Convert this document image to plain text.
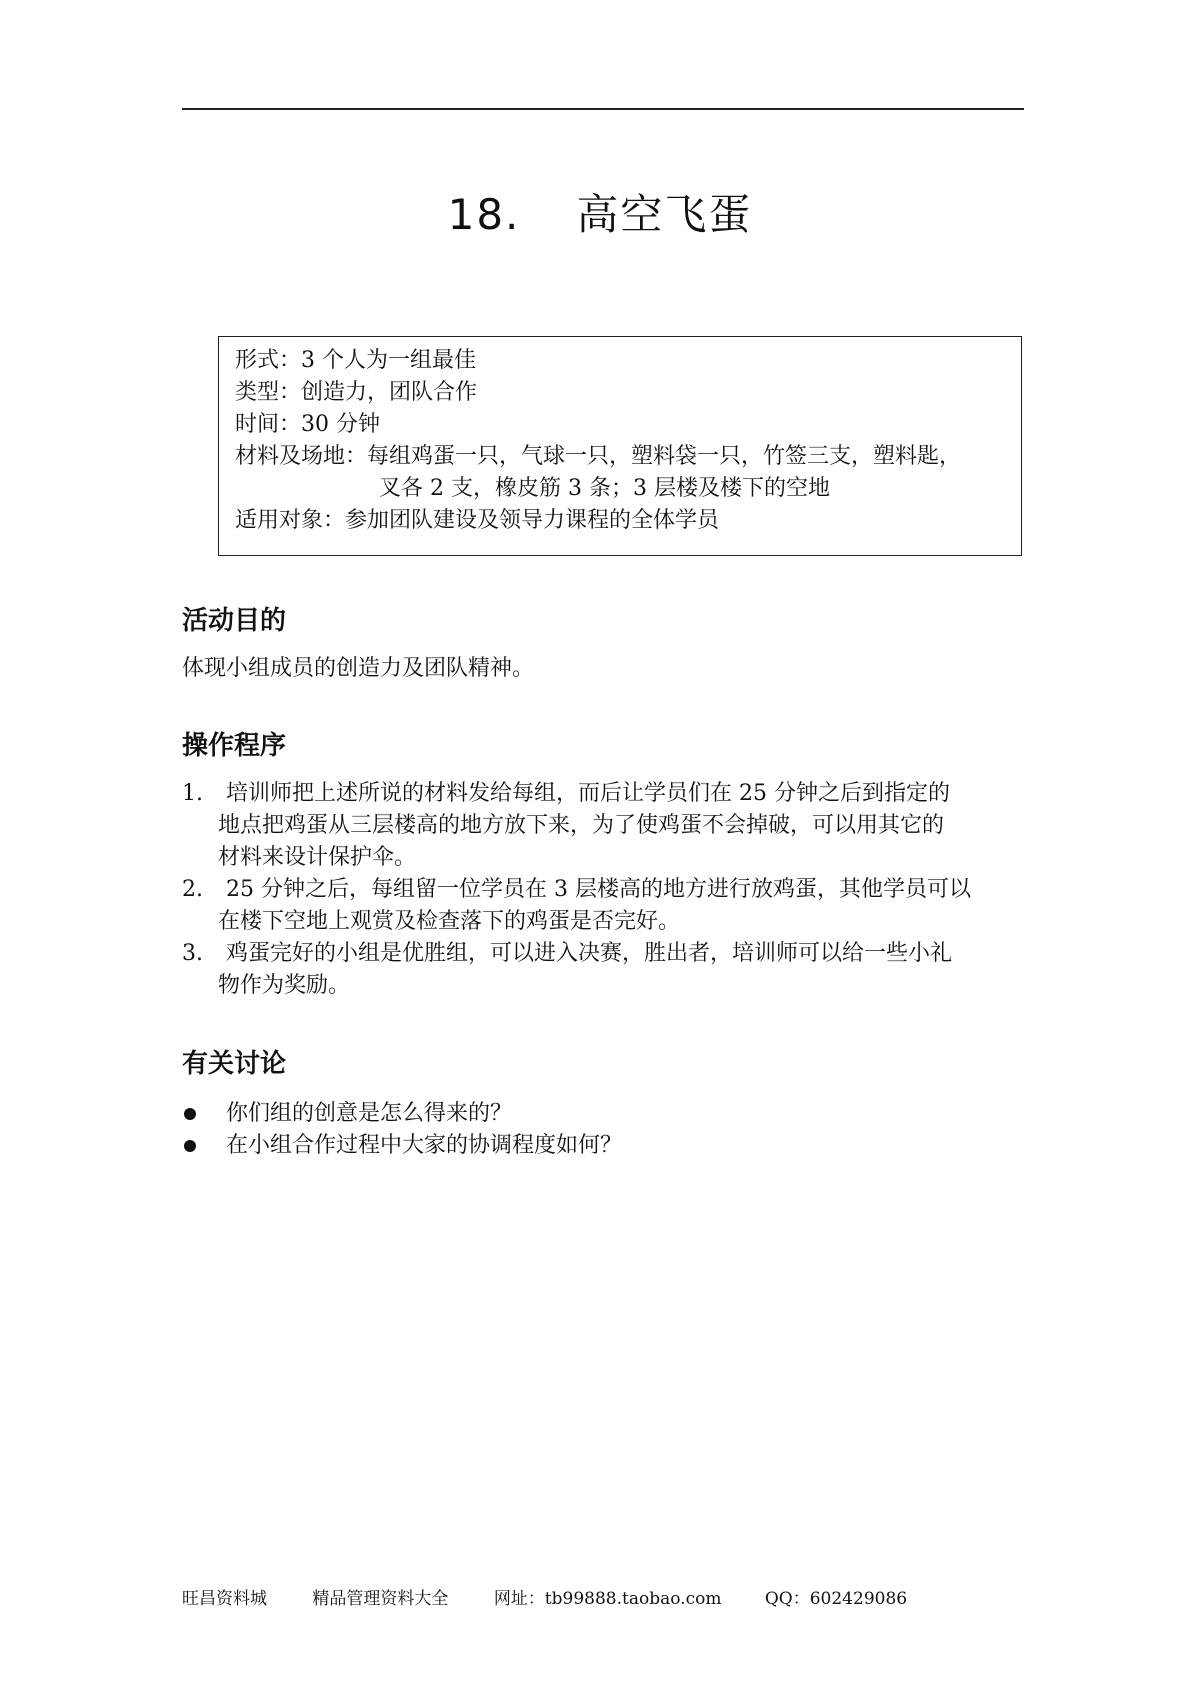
18. 高空飞蛋
形式：3 个人为一组最佳
类型：创造力，团队合作
时间：30 分钟
材料及场地：每组鸡蛋一只，气球一只，塑料袋一只，竹签三支，塑料匙，
叉各 2 支，橡皮筋 3 条；3 层楼及楼下的空地
适用对象：参加团队建设及领导力课程的全体学员
活动目的
体现小组成员的创造力及团队精神。
操作程序
1.	培训师把上述所说的材料发给每组，而后让学员们在 25 分钟之后到指定的
地点把鸡蛋从三层楼高的地方放下来，为了使鸡蛋不会掉破，可以用其它的
材料来设计保护伞。
2.	25 分钟之后，每组留一位学员在 3 层楼高的地方进行放鸡蛋，其他学员可以
在楼下空地上观赏及检查落下的鸡蛋是否完好。
3.	鸡蛋完好的小组是优胜组，可以进入决赛，胜出者，培训师可以给一些小礼
物作为奖励。
有关讨论
你们组的创意是怎么得来的？
在小组合作过程中大家的协调程度如何？
旺昌资料城	精品管理资料大全	网址：tb99888.taobao.com	QQ：602429086
